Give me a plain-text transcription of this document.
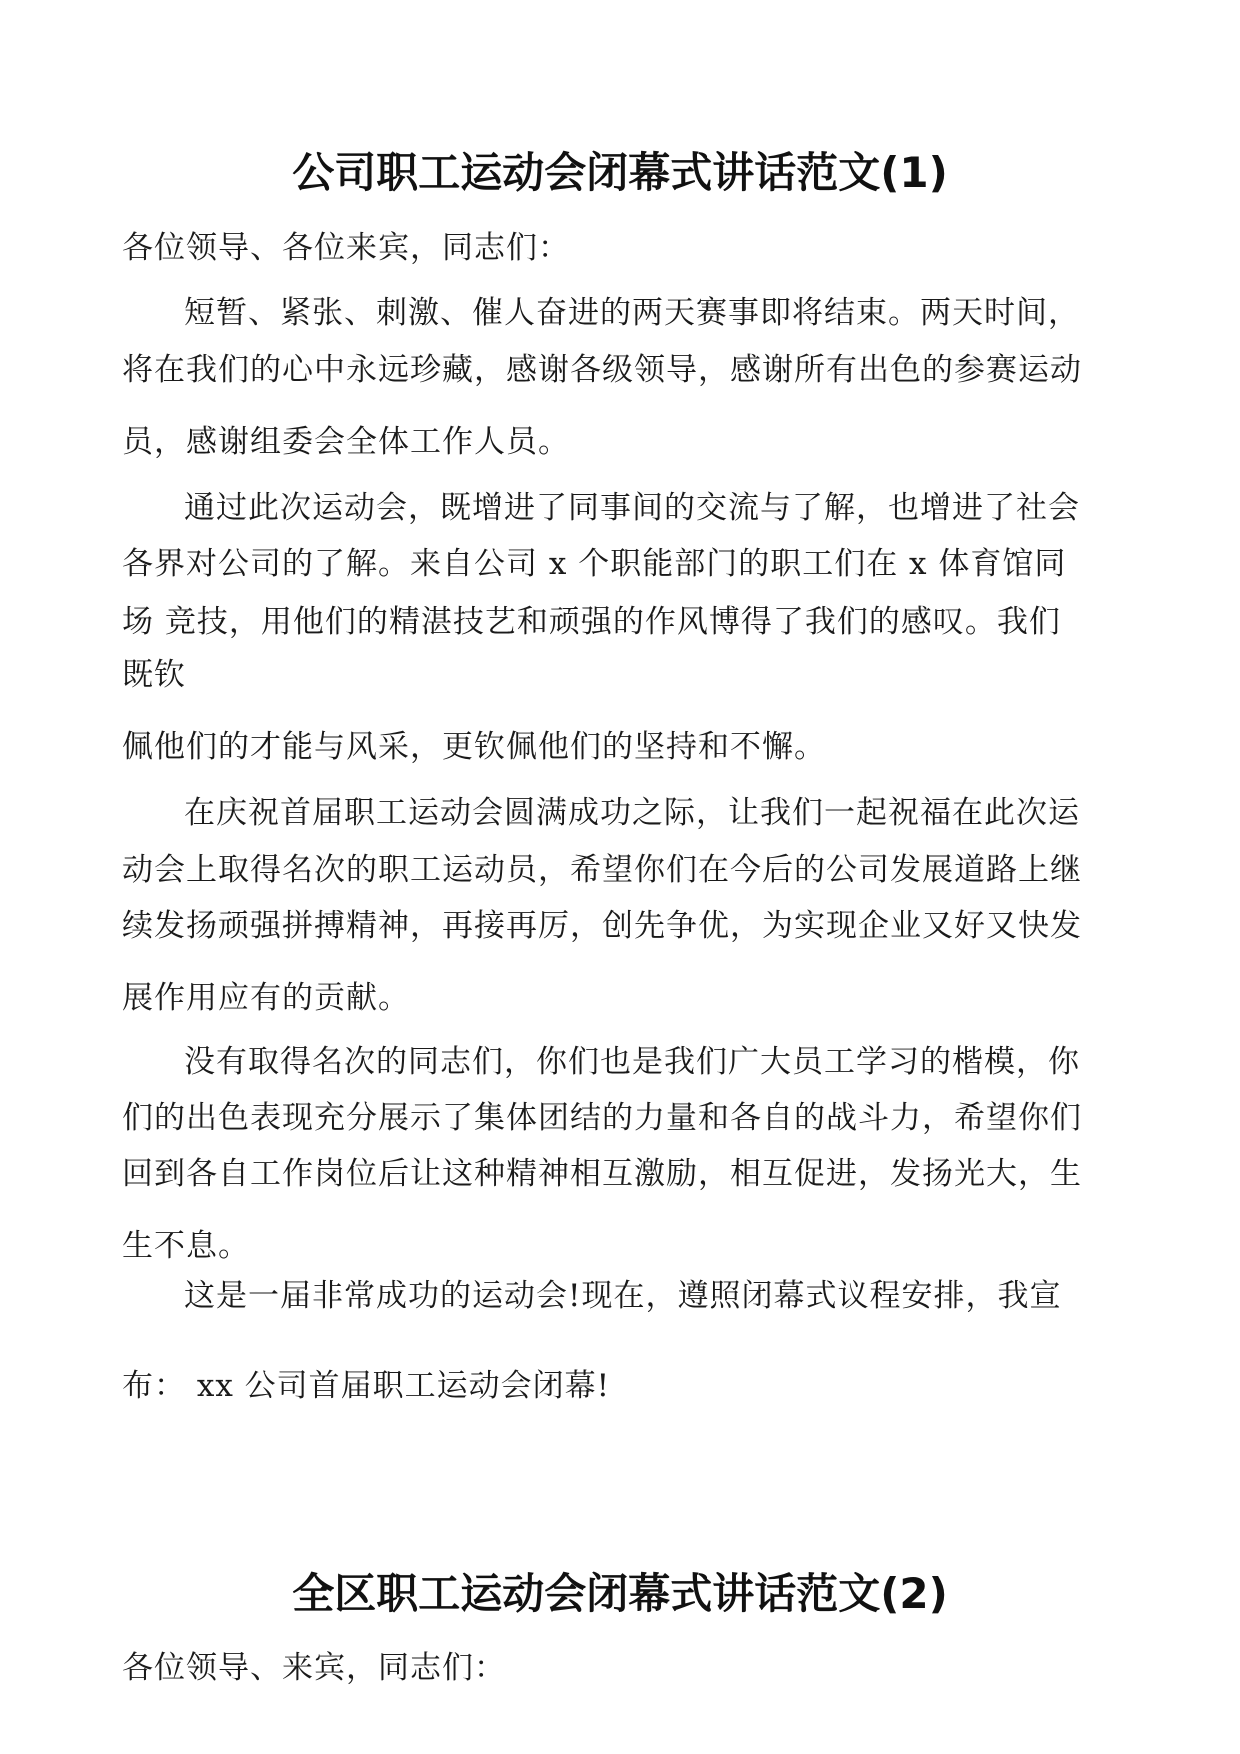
公司职工运动会闭幕式讲话范文(1)

各位领导、各位来宾，同志们：

短暂、紧张、刺激、催人奋进的两天赛事即将结束。两天时间，

将在我们的心中永远珍藏，感谢各级领导，感谢所有出色的参赛运动

员，感谢组委会全体工作人员。

通过此次运动会，既增进了同事间的交流与了解，也增进了社会

各界对公司的了解。来自公司 x 个职能部门的职工们在 x 体育馆同

场 竞技，用他们的精湛技艺和顽强的作风博得了我们的感叹。我们

既钦

佩他们的才能与风采，更钦佩他们的坚持和不懈。

在庆祝首届职工运动会圆满成功之际，让我们一起祝福在此次运

动会上取得名次的职工运动员，希望你们在今后的公司发展道路上继

续发扬顽强拼搏精神，再接再厉，创先争优，为实现企业又好又快发

展作用应有的贡献。

没有取得名次的同志们，你们也是我们广大员工学习的楷模，你

们的出色表现充分展示了集体团结的力量和各自的战斗力，希望你们

回到各自工作岗位后让这种精神相互激励，相互促进，发扬光大，生

生不息。

这是一届非常成功的运动会!现在，遵照闭幕式议程安排，我宣

布： xx 公司首届职工运动会闭幕!

全区职工运动会闭幕式讲话范文(2)

各位领导、来宾，同志们：
